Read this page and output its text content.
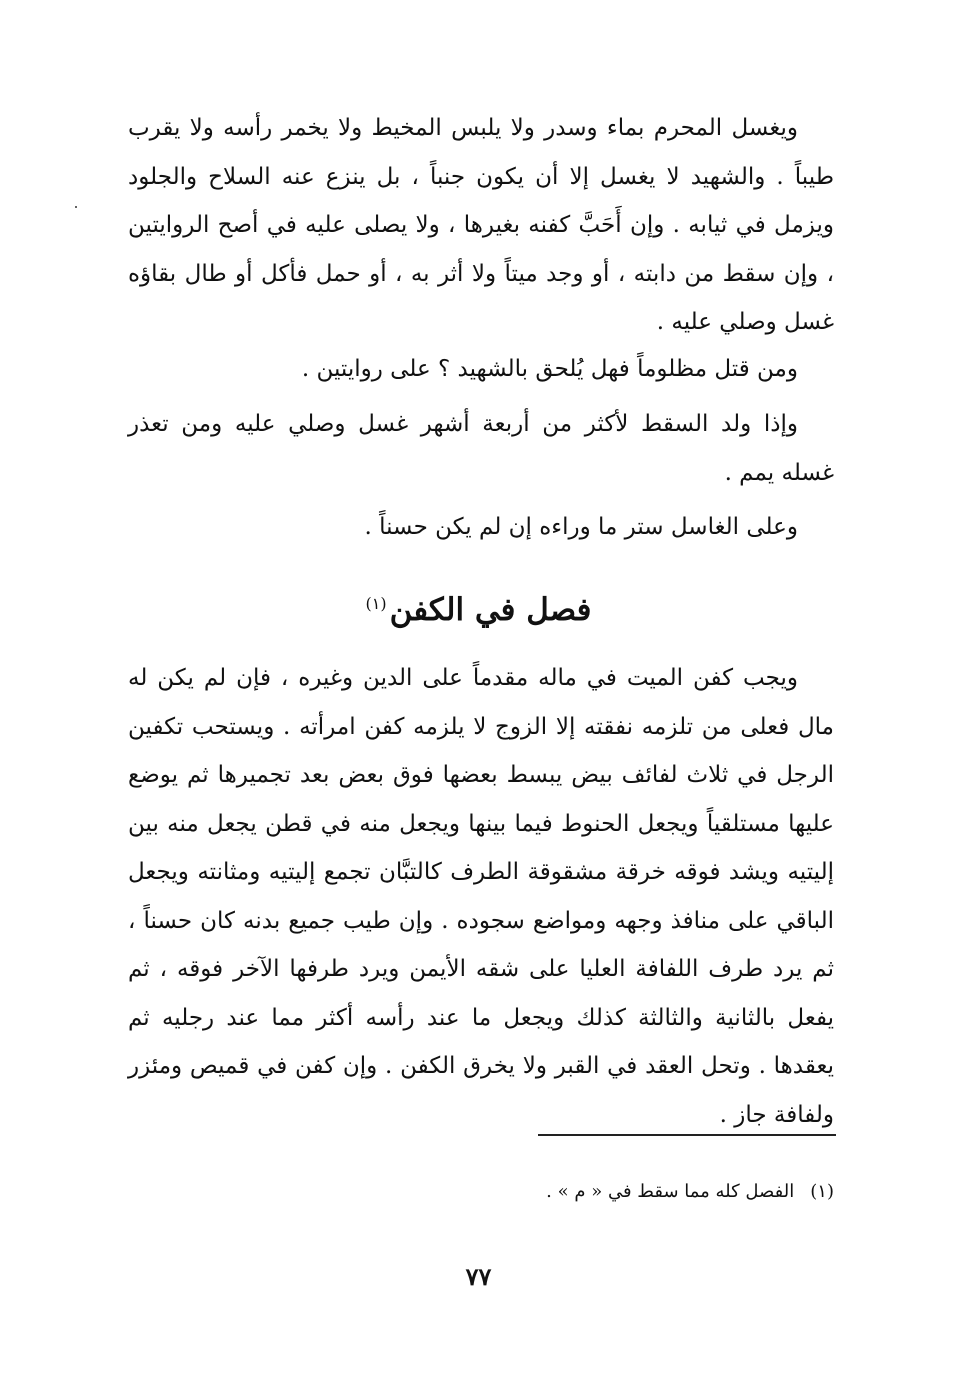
ويغسل المحرم بماء وسدر ولا يلبس المخيط ولا يخمر رأسه ولا يقرب طيباً . والشهيد لا يغسل إلا أن يكون جنباً ، بل ينزع عنه السلاح والجلود ويزمل في ثيابه . وإن أَحَبَّ كفنه بغيرها ، ولا يصلى عليه في أصح الروايتين ، وإن سقط من دابته ، أو وجد ميتاً ولا أثر به ، أو حمل فأكل أو طال بقاؤه غسل وصلي عليه .

ومن قتل مظلوماً فهل يُلحق بالشهيد ؟ على روايتين .

وإذا ولد السقط لأكثر من أربعة أشهر غسل وصلي عليه ومن تعذر غسله يمم .

وعلى الغاسل ستر ما وراءه إن لم يكن حسناً .

فصل في الكفن$^{(١)}$

ويجب كفن الميت في ماله مقدماً على الدين وغيره ، فإن لم يكن له مال فعلى من تلزمه نفقته إلا الزوج لا يلزمه كفن امرأته . ويستحب تكفين الرجل في ثلاث لفائف بيض يبسط بعضها فوق بعض بعد تجميرها ثم يوضع عليها مستلقياً ويجعل الحنوط فيما بينها ويجعل منه في قطن يجعل منه بين إليتيه ويشد فوقه خرقة مشقوقة الطرف كالتبَّان تجمع إليتيه ومثانته ويجعل الباقي على منافذ وجهه ومواضع سجوده . وإن طيب جميع بدنه كان حسناً ، ثم يرد طرف اللفافة العليا على شقه الأيمن ويرد طرفها الآخر فوقه ، ثم يفعل بالثانية والثالثة كذلك ويجعل ما عند رأسه أكثر مما عند رجليه ثم يعقدها . وتحل العقد في القبر ولا يخرق الكفن . وإن كفن في قميص ومئزر ولفافة جاز .

(١)الفصل كله مما سقط في « م » .

٧٧
